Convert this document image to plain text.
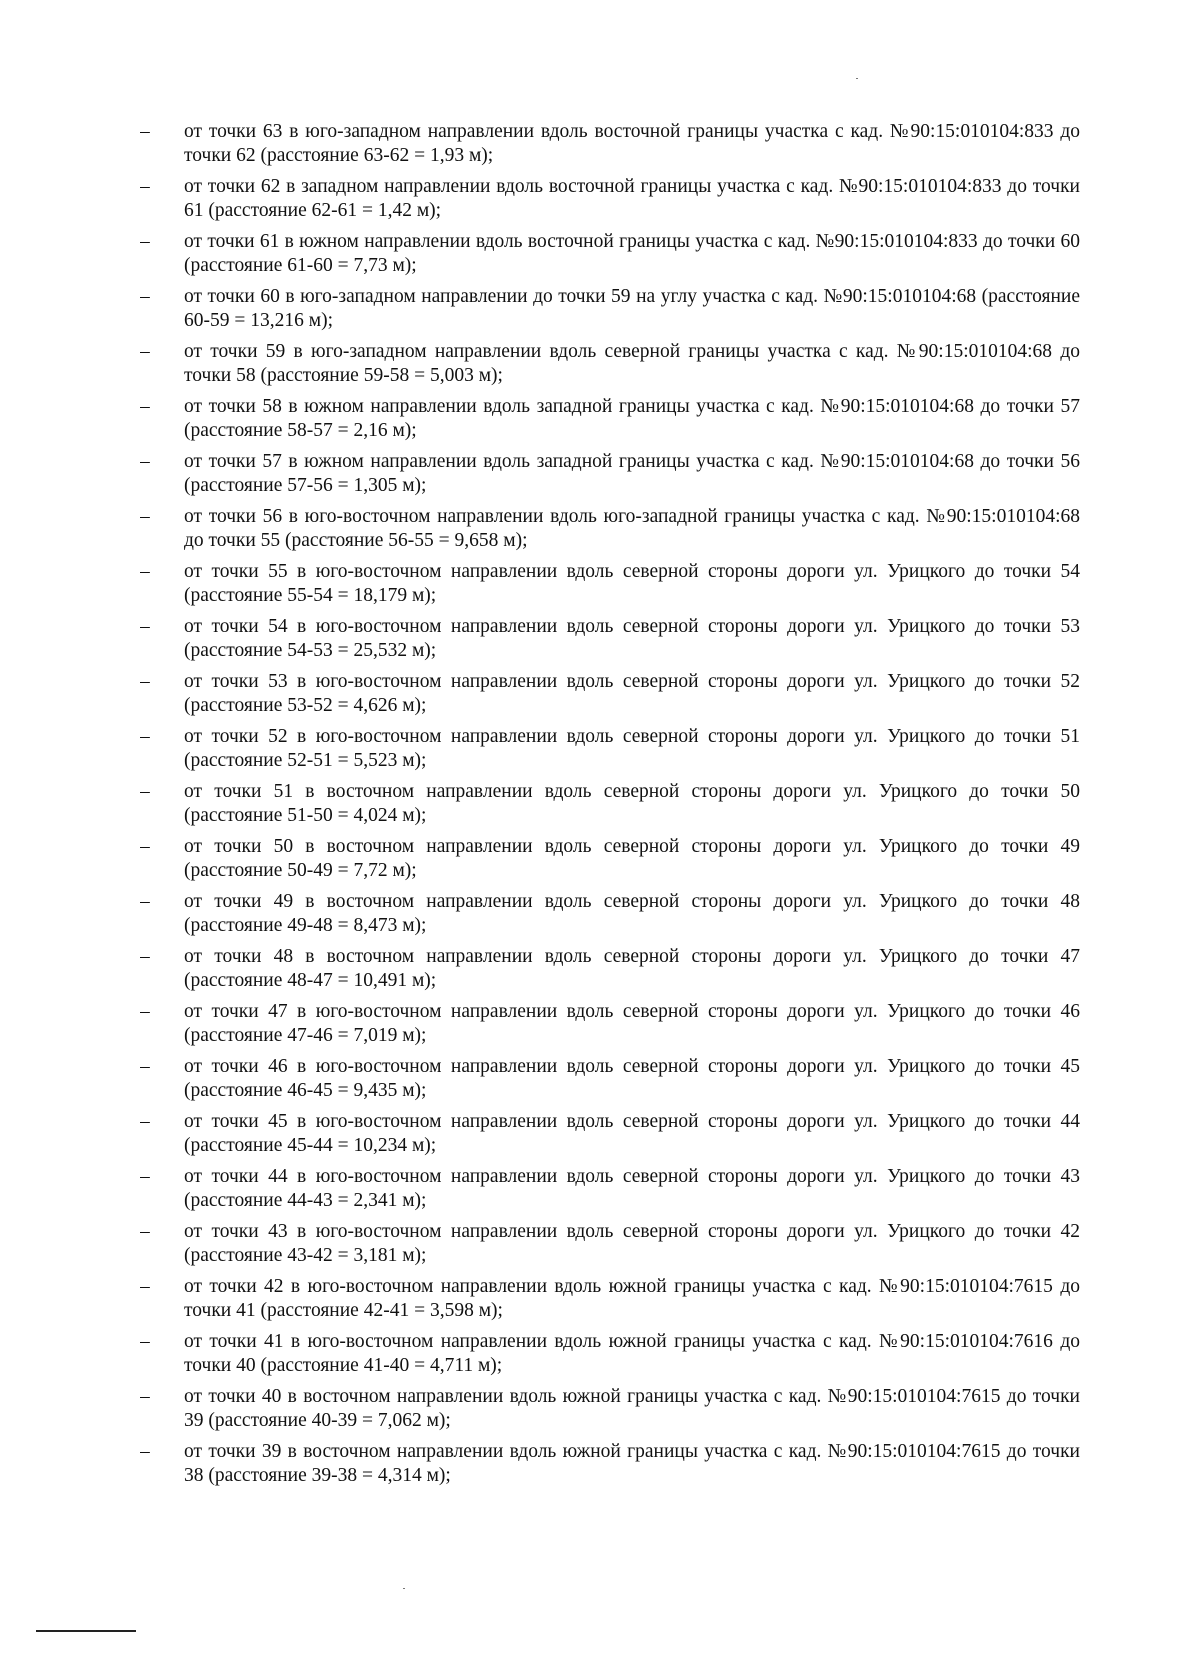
–	от точки 63 в юго-западном направлении вдоль восточной границы участка с кад. №90:15:010104:833 до точки 62 (расстояние 63-62 = 1,93 м);
–	от точки 62 в западном направлении вдоль восточной границы участка с кад. №90:15:010104:833 до точки 61 (расстояние 62-61 = 1,42 м);
–	от точки 61 в южном направлении вдоль восточной границы участка с кад. №90:15:010104:833 до точки 60 (расстояние 61-60 = 7,73 м);
–	от точки 60 в юго-западном направлении до точки 59 на углу участка с кад. №90:15:010104:68 (расстояние 60-59 = 13,216 м);
–	от точки 59 в юго-западном направлении вдоль северной границы участка с кад. №90:15:010104:68 до точки 58 (расстояние 59-58 = 5,003 м);
–	от точки 58 в южном направлении вдоль западной границы участка с кад. №90:15:010104:68 до точки 57 (расстояние 58-57 = 2,16 м);
–	от точки 57 в южном направлении вдоль западной границы участка с кад. №90:15:010104:68 до точки 56 (расстояние 57-56 = 1,305 м);
–	от точки 56 в юго-восточном направлении вдоль юго-западной границы участка с кад. №90:15:010104:68 до точки 55 (расстояние 56-55 = 9,658 м);
–	от точки 55 в юго-восточном направлении вдоль северной стороны дороги ул. Урицкого до точки 54 (расстояние 55-54 = 18,179 м);
–	от точки 54 в юго-восточном направлении вдоль северной стороны дороги ул. Урицкого до точки 53 (расстояние 54-53 = 25,532 м);
–	от точки 53 в юго-восточном направлении вдоль северной стороны дороги ул. Урицкого до точки 52 (расстояние 53-52 = 4,626 м);
–	от точки 52 в юго-восточном направлении вдоль северной стороны дороги ул. Урицкого до точки 51 (расстояние 52-51 = 5,523 м);
–	от точки 51 в восточном направлении вдоль северной стороны дороги ул. Урицкого до точки 50 (расстояние 51-50 = 4,024 м);
–	от точки 50 в восточном направлении вдоль северной стороны дороги ул. Урицкого до точки 49 (расстояние 50-49 = 7,72 м);
–	от точки 49 в восточном направлении вдоль северной стороны дороги ул. Урицкого до точки 48 (расстояние 49-48 = 8,473 м);
–	от точки 48 в восточном направлении вдоль северной стороны дороги ул. Урицкого до точки 47 (расстояние 48-47 = 10,491 м);
–	от точки 47 в юго-восточном направлении вдоль северной стороны дороги ул. Урицкого до точки 46 (расстояние 47-46 = 7,019 м);
–	от точки 46 в юго-восточном направлении вдоль северной стороны дороги ул. Урицкого до точки 45 (расстояние 46-45 = 9,435 м);
–	от точки 45 в юго-восточном направлении вдоль северной стороны дороги ул. Урицкого до точки 44 (расстояние 45-44 = 10,234 м);
–	от точки 44 в юго-восточном направлении вдоль северной стороны дороги ул. Урицкого до точки 43 (расстояние 44-43 = 2,341 м);
–	от точки 43 в юго-восточном направлении вдоль северной стороны дороги ул. Урицкого до точки 42 (расстояние 43-42 = 3,181 м);
–	от точки 42 в юго-восточном направлении вдоль южной границы участка с кад. №90:15:010104:7615 до точки 41 (расстояние 42-41 = 3,598 м);
–	от точки 41 в юго-восточном направлении вдоль южной границы участка с кад. №90:15:010104:7616 до точки 40 (расстояние 41-40 = 4,711 м);
–	от точки 40 в восточном направлении вдоль южной границы участка с кад. №90:15:010104:7615 до точки 39 (расстояние 40-39 = 7,062 м);
–	от точки 39 в восточном направлении вдоль южной границы участка с кад. №90:15:010104:7615 до точки 38 (расстояние 39-38 = 4,314 м);
